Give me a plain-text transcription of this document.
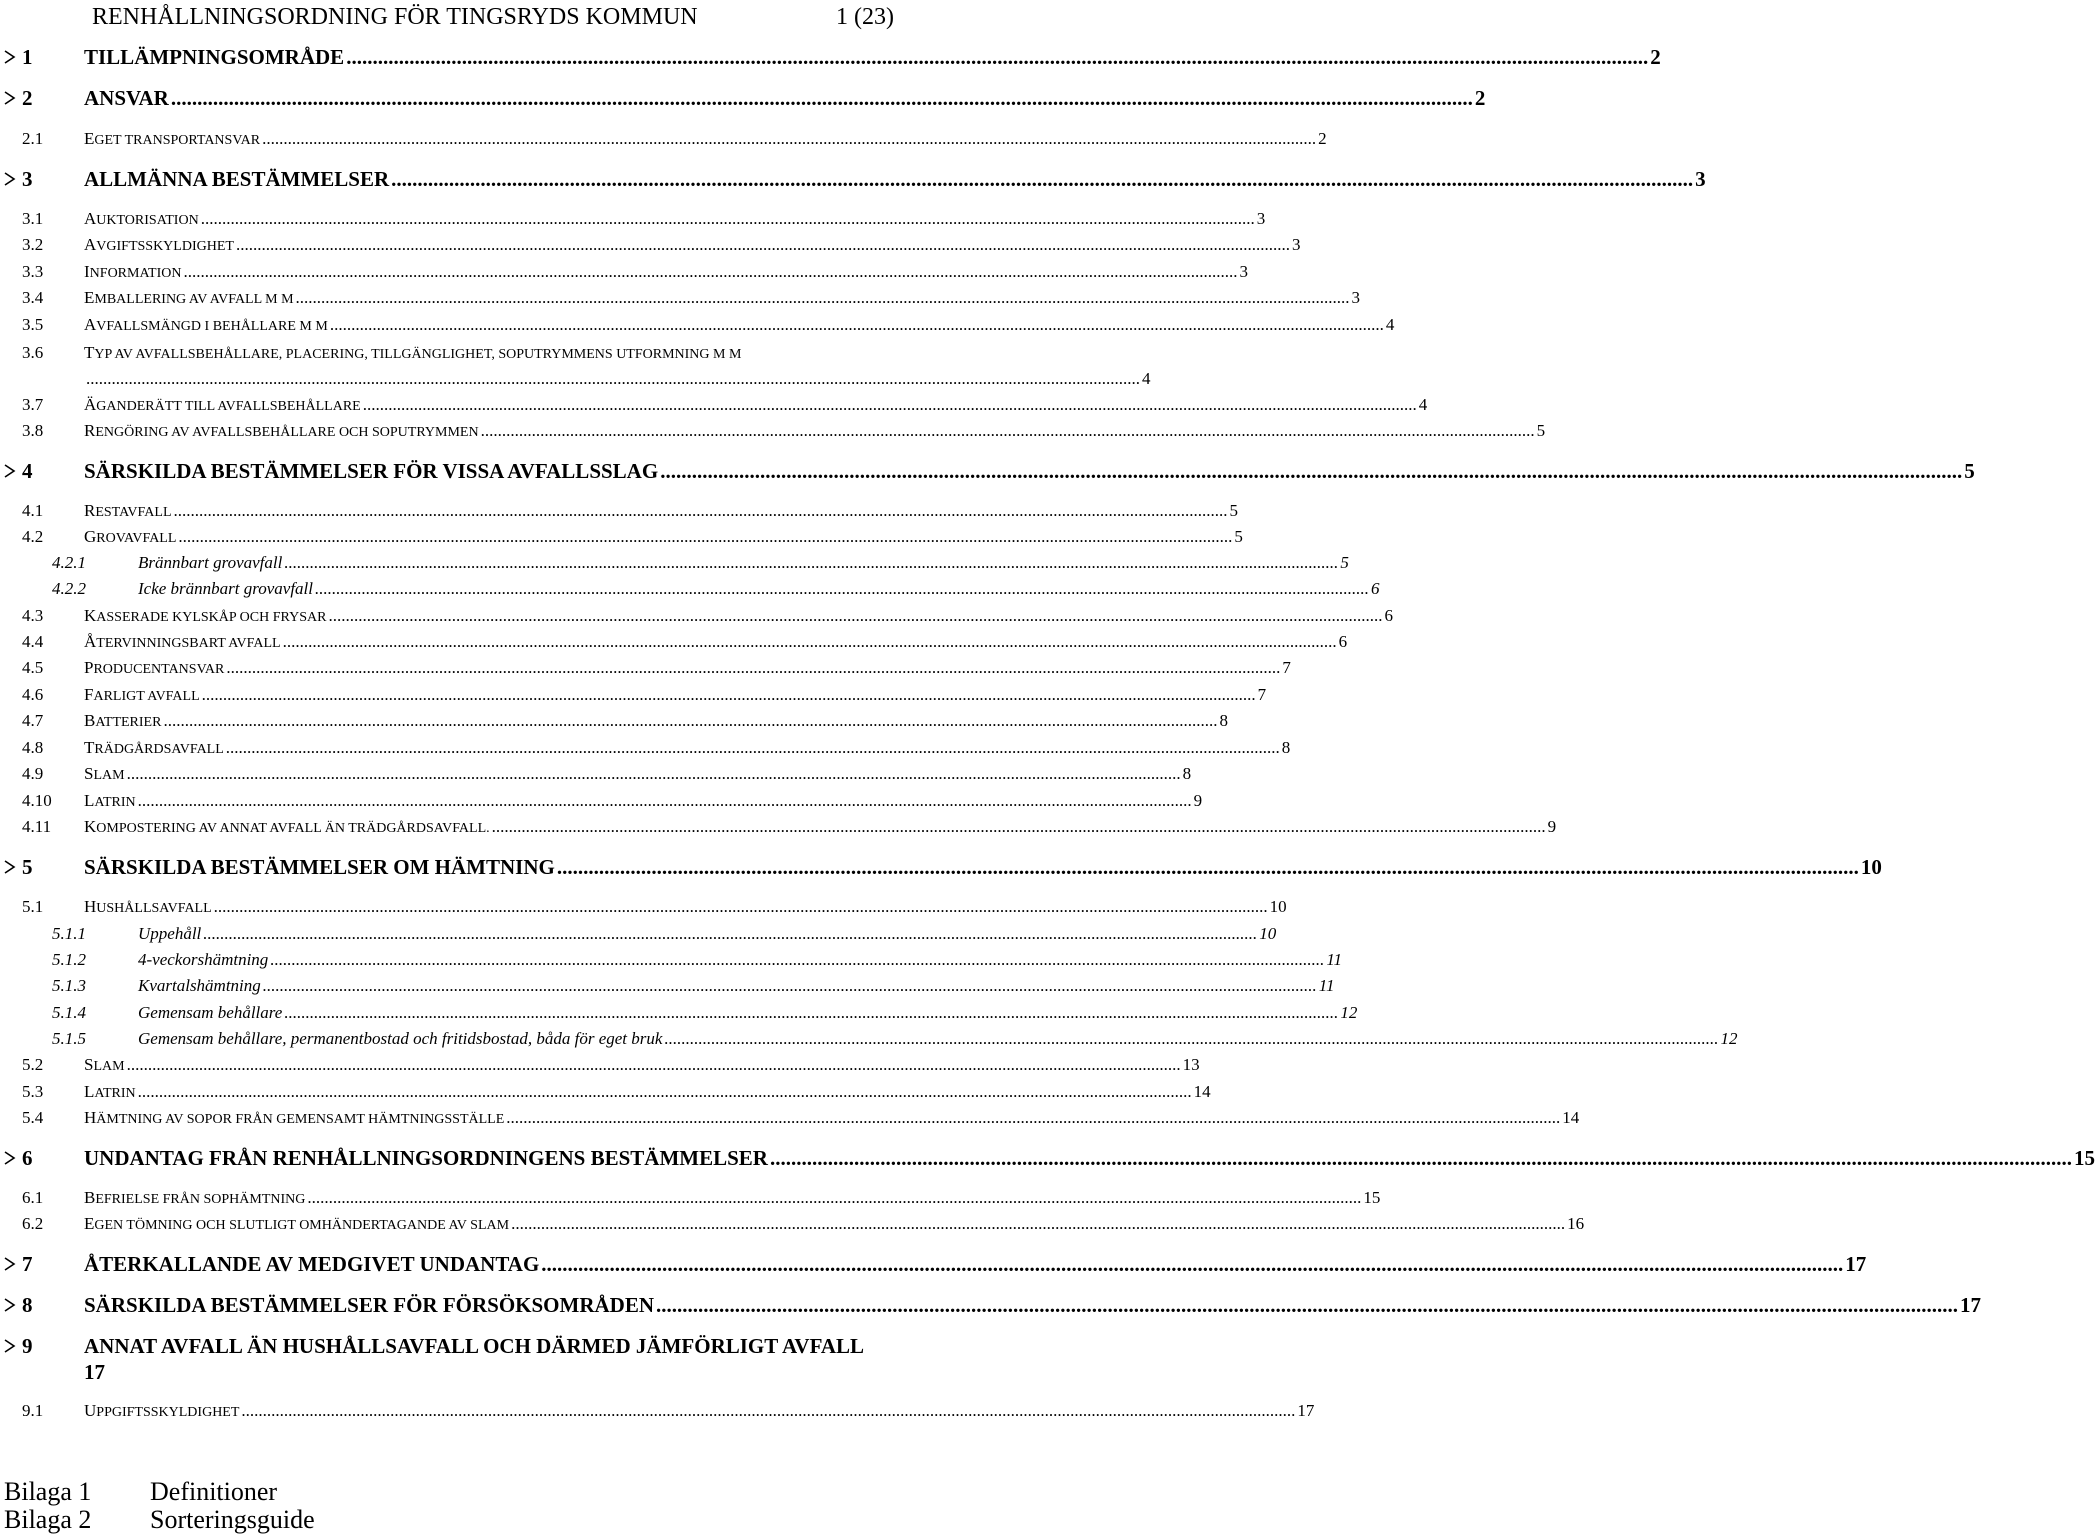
RENHÅLLNINGSORDNING FÖR TINGSRYDS KOMMUN	1 (23)
1 TILLÄMPNINGSOMRÅDE .....	2
2 ANSVAR .....	2
2.1 EGET TRANSPORTANSVAR .....	2
3 ALLMÄNNA BESTÄMMELSER .....	3
3.1 AUKTORISATION .....	3
3.2 AVGIFTSSKYLDIGHET .....	3
3.3 INFORMATION .....	3
3.4 EMBALLERING AV AVFALL M M .....	3
3.5 AVFALLSMÄNGD I BEHÅLLARE M M .....	4
3.6 TYP AV AVFALLSBEHÅLLARE, PLACERING, TILLGÄNGLIGHET, SOPUTRYMMENS UTFORMNING M M
.....
4
3.7 ÄGANDERÄTT TILL AVFALLSBEHÅLLARE .....	4
3.8 RENGÖRING AV AVFALLSBEHÅLLARE OCH SOPUTRYMMEN .....	5
4 SÄRSKILDA BESTÄMMELSER FÖR VISSA AVFALLSSLAG .....	5
4.1 RESTAVFALL .....	5
4.2 GROVAVFALL .....	5
4.2.1	Brännbart grovavfall .....	5
4.2.2	Icke brännbart grovavfall .....	6
4.3 KASSERADE KYLSKÅP OCH FRYSAR .....	6
4.4 ÅTERVINNINGSBART AVFALL .....	6
4.5 PRODUCENTANSVAR .....	7
4.6 FARLIGT AVFALL .....	7
4.7 BATTERIER .....	8
4.8 TRÄDGÅRDSAVFALL .....	8
4.9 SLAM .....	8
4.10 LATRIN .....	9
4.11 KOMPOSTERING AV ANNAT AVFALL ÄN TRÄDGÅRDSAVFALL. .....	9
5 SÄRSKILDA BESTÄMMELSER OM HÄMTNING .....	10
5.1 HUSHÅLLSAVFALL .....	10
5.1.1	Uppehåll .....	10
5.1.2	4-veckorshämtning .....	11
5.1.3	Kvartalshämtning .....	11
5.1.4	Gemensam behållare .....	12
5.1.5	Gemensam behållare, permanentbostad och fritidsbostad, båda för eget bruk .....	12
5.2 SLAM .....	13
5.3 LATRIN .....	14
5.4 HÄMTNING AV SOPOR FRÅN GEMENSAMT HÄMTNINGSSTÄLLE .....	14
6 UNDANTAG FRÅN RENHÅLLNINGSORDNINGENS BESTÄMMELSER .....	15
6.1 BEFRIELSE FRÅN SOPHÄMTNING .....	15
6.2 EGEN TÖMNING OCH SLUTLIGT OMHÄNDERTAGANDE AV SLAM .....	16
7 ÅTERKALLANDE AV MEDGIVET UNDANTAG .....	17
8 SÄRSKILDA BESTÄMMELSER FÖR FÖRSÖKSOMRÅDEN .....	17
9 ANNAT AVFALL ÄN HUSHÅLLSAVFALL OCH DÄRMED JÄMFÖRLIGT AVFALL
17
9.1 UPPGIFTSSKYLDIGHET .....	17
Bilaga 1 Definitioner
Bilaga 2 Sorteringsguide
